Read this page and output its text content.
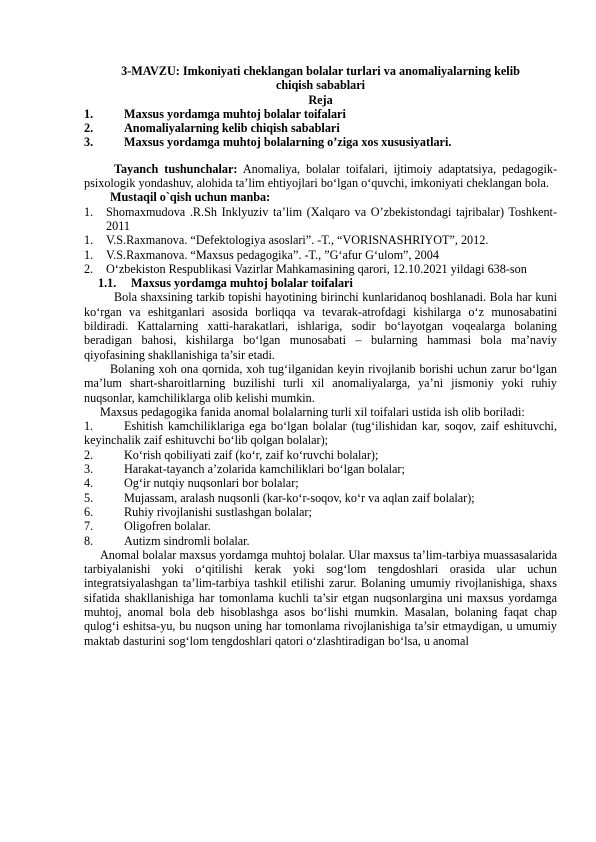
3-MAVZU: Imkoniyati cheklangan bolalar turlari va anomaliyalarning kelib
chiqish sabablari
Reja
1.	Maxsus yordamga muhtoj bolalar toifalari
2.	Anomaliyalarning kelib chiqish sabablari
3.	Maxsus yordamga muhtoj bolalarning o’ziga xos xususiyatlari.
Tayanch tushunchalar: Anomaliya, bolalar toifalari, ijtimoiy adaptatsiya, pedagogik-psixologik yondashuv, alohida ta’lim ehtiyojlari bo‘lgan o‘quvchi, imkoniyati cheklangan bola.
Mustaqil o`qish uchun manba:
1.	Shomaxmudova .R.Sh Inklyuziv ta’lim (Xalqaro va O’zbekistondagi tajribalar) Toshkent-2011
1.	V.S.Raxmanova. “Defektologiya asoslari”. -T., “VORISNASHRIYOT”, 2012.
1.	V.S.Raxmanova. “Maxsus pedagogika”. -T., ”G‘afur G‘ulom”, 2004
2.	O‘zbekiston Respublikasi Vazirlar Mahkamasining qarori, 12.10.2021 yildagi 638-son
1.1.	Maxsus yordamga muhtoj bolalar toifalari
Bola shaxsining tarkib topishi hayotining birinchi kunlaridanoq boshlanadi. Bola har kuni ko‘rgan va eshitganlari asosida borliqqa va tevarak-atrofdagi kishilarga o‘z munosabatini bildiradi. Kattalarning xatti-harakatlari, ishlariga, sodir bo‘layotgan voqealarga bolaning beradigan bahosi, kishilarga bo‘lgan munosabati – bularning hammasi bola ma’naviy qiyofasining shakllanishiga ta’sir etadi.
Bolaning xoh ona qornida, xoh tug‘ilganidan keyin rivojlanib borishi uchun zarur bo‘lgan ma’lum shart-sharoitlarning buzilishi turli xil anomaliyalarga, ya’ni jismoniy yoki ruhiy nuqsonlar, kamchiliklarga olib kelishi mumkin.
Maxsus pedagogika fanida anomal bolalarning turli xil toifalari ustida ish olib boriladi:
1.	Eshitish kamchiliklariga ega bo‘lgan bolalar (tug‘ilishidan kar, soqov, zaif eshituvchi, keyinchalik zaif eshituvchi bo‘lib qolgan bolalar);
2.	Ko‘rish qobiliyati zaif (ko‘r, zaif ko‘ruvchi bolalar);
3.	Harakat-tayanch a’zolarida kamchiliklari bo‘lgan bolalar;
4.	Og‘ir nutqiy nuqsonlari bor bolalar;
5.	Mujassam, aralash nuqsonli (kar-ko‘r-soqov, ko‘r va aqlan zaif bolalar);
6.	Ruhiy rivojlanishi sustlashgan bolalar;
7.	Oligofren bolalar.
8.	Autizm sindromli bolalar.
Anomal bolalar maxsus yordamga muhtoj bolalar. Ular maxsus ta’lim-tarbiya muassasalarida tarbiyalanishi yoki o‘qitilishi kerak yoki sog‘lom tengdoshlari orasida ular uchun integratsiyalashgan ta’lim-tarbiya tashkil etilishi zarur. Bolaning umumiy rivojlanishiga, shaxs sifatida shakllanishiga har tomonlama kuchli ta’sir etgan nuqsonlargina uni maxsus yordamga muhtoj, anomal bola deb hisoblashga asos bo‘lishi mumkin. Masalan, bolaning faqat chap qulog‘i eshitsa-yu, bu nuqson uning har tomonlama rivojlanishiga ta’sir etmaydigan, u umumiy maktab dasturini sog‘lom tengdoshlari qatori o‘zlashtiradigan bo‘lsa, u anomal
